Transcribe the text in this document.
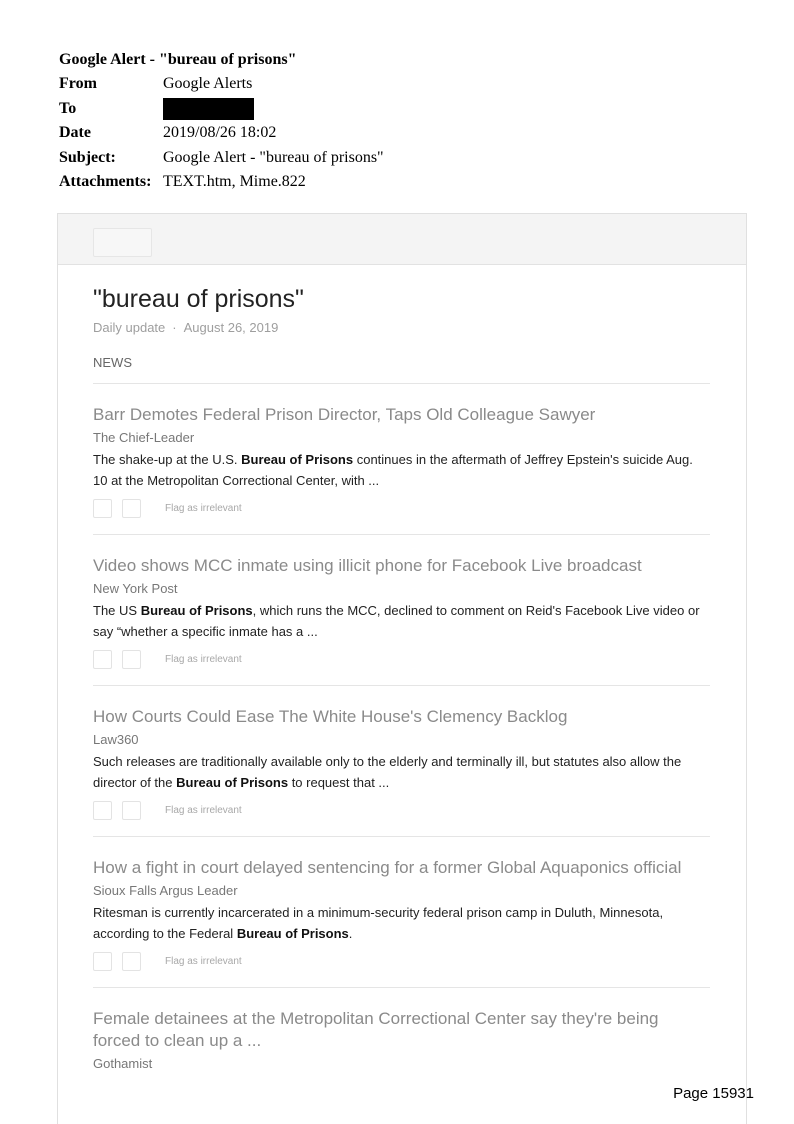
Google Alert - "bureau of prisons"
From	Google Alerts
To
Date	2019/08/26 18:02
Subject:	Google Alert - "bureau of prisons"
Attachments: TEXT.htm, Mime.822
"bureau of prisons"
Daily update · August 26, 2019
NEWS
Barr Demotes Federal Prison Director, Taps Old Colleague Sawyer
The Chief-Leader
The shake-up at the U.S. Bureau of Prisons continues in the aftermath of Jeffrey Epstein's suicide Aug. 10 at the Metropolitan Correctional Center, with ...
Flag as irrelevant
Video shows MCC inmate using illicit phone for Facebook Live broadcast
New York Post
The US Bureau of Prisons, which runs the MCC, declined to comment on Reid's Facebook Live video or say “whether a specific inmate has a ...
Flag as irrelevant
How Courts Could Ease The White House's Clemency Backlog
Law360
Such releases are traditionally available only to the elderly and terminally ill, but statutes also allow the director of the Bureau of Prisons to request that ...
Flag as irrelevant
How a fight in court delayed sentencing for a former Global Aquaponics official
Sioux Falls Argus Leader
Ritesman is currently incarcerated in a minimum-security federal prison camp in Duluth, Minnesota, according to the Federal Bureau of Prisons.
Flag as irrelevant
Female detainees at the Metropolitan Correctional Center say they're being forced to clean up a ...
Gothamist
Page 15931
